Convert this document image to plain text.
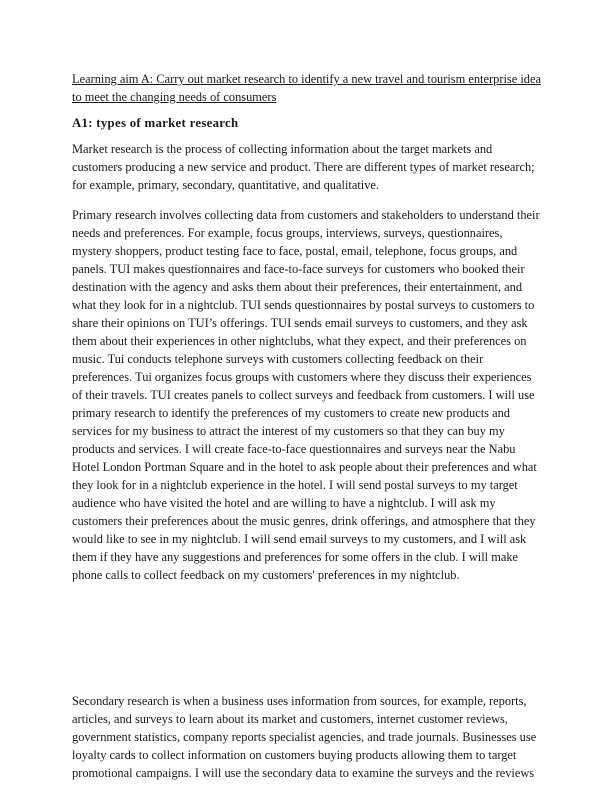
Learning aim A: Carry out market research to identify a new travel and tourism enterprise idea to meet the changing needs of consumers

A1: types of market research

Market research is the process of collecting information about the target markets and customers producing a new service and product. There are different types of market research; for example, primary, secondary, quantitative, and qualitative.

Primary research involves collecting data from customers and stakeholders to understand their needs and preferences. For example, focus groups, interviews, surveys, questionnaires, mystery shoppers, product testing face to face, postal, email, telephone, focus groups, and panels. TUI makes questionnaires and face-to-face surveys for customers who booked their destination with the agency and asks them about their preferences, their entertainment, and what they look for in a nightclub. TUI sends questionnaires by postal surveys to customers to share their opinions on TUI’s offerings. TUI sends email surveys to customers, and they ask them about their experiences in other nightclubs, what they expect, and their preferences on music. Tui conducts telephone surveys with customers collecting feedback on their preferences. Tui organizes focus groups with customers where they discuss their experiences of their travels. TUI creates panels to collect surveys and feedback from customers. I will use primary research to identify the preferences of my customers to create new products and services for my business to attract the interest of my customers so that they can buy my products and services. I will create face-to-face questionnaires and surveys near the Nabu Hotel London Portman Square and in the hotel to ask people about their preferences and what they look for in a nightclub experience in the hotel. I will send postal surveys to my target audience who have visited the hotel and are willing to have a nightclub. I will ask my customers their preferences about the music genres, drink offerings, and atmosphere that they would like to see in my nightclub. I will send email surveys to my customers, and I will ask them if they have any suggestions and preferences for some offers in the club. I will make phone calls to collect feedback on my customers' preferences in my nightclub.

Secondary research is when a business uses information from sources, for example, reports, articles, and surveys to learn about its market and customers, internet customer reviews, government statistics, company reports specialist agencies, and trade journals. Businesses use loyalty cards to collect information on customers buying products allowing them to target promotional campaigns. I will use the secondary data to examine the surveys and the reviews
